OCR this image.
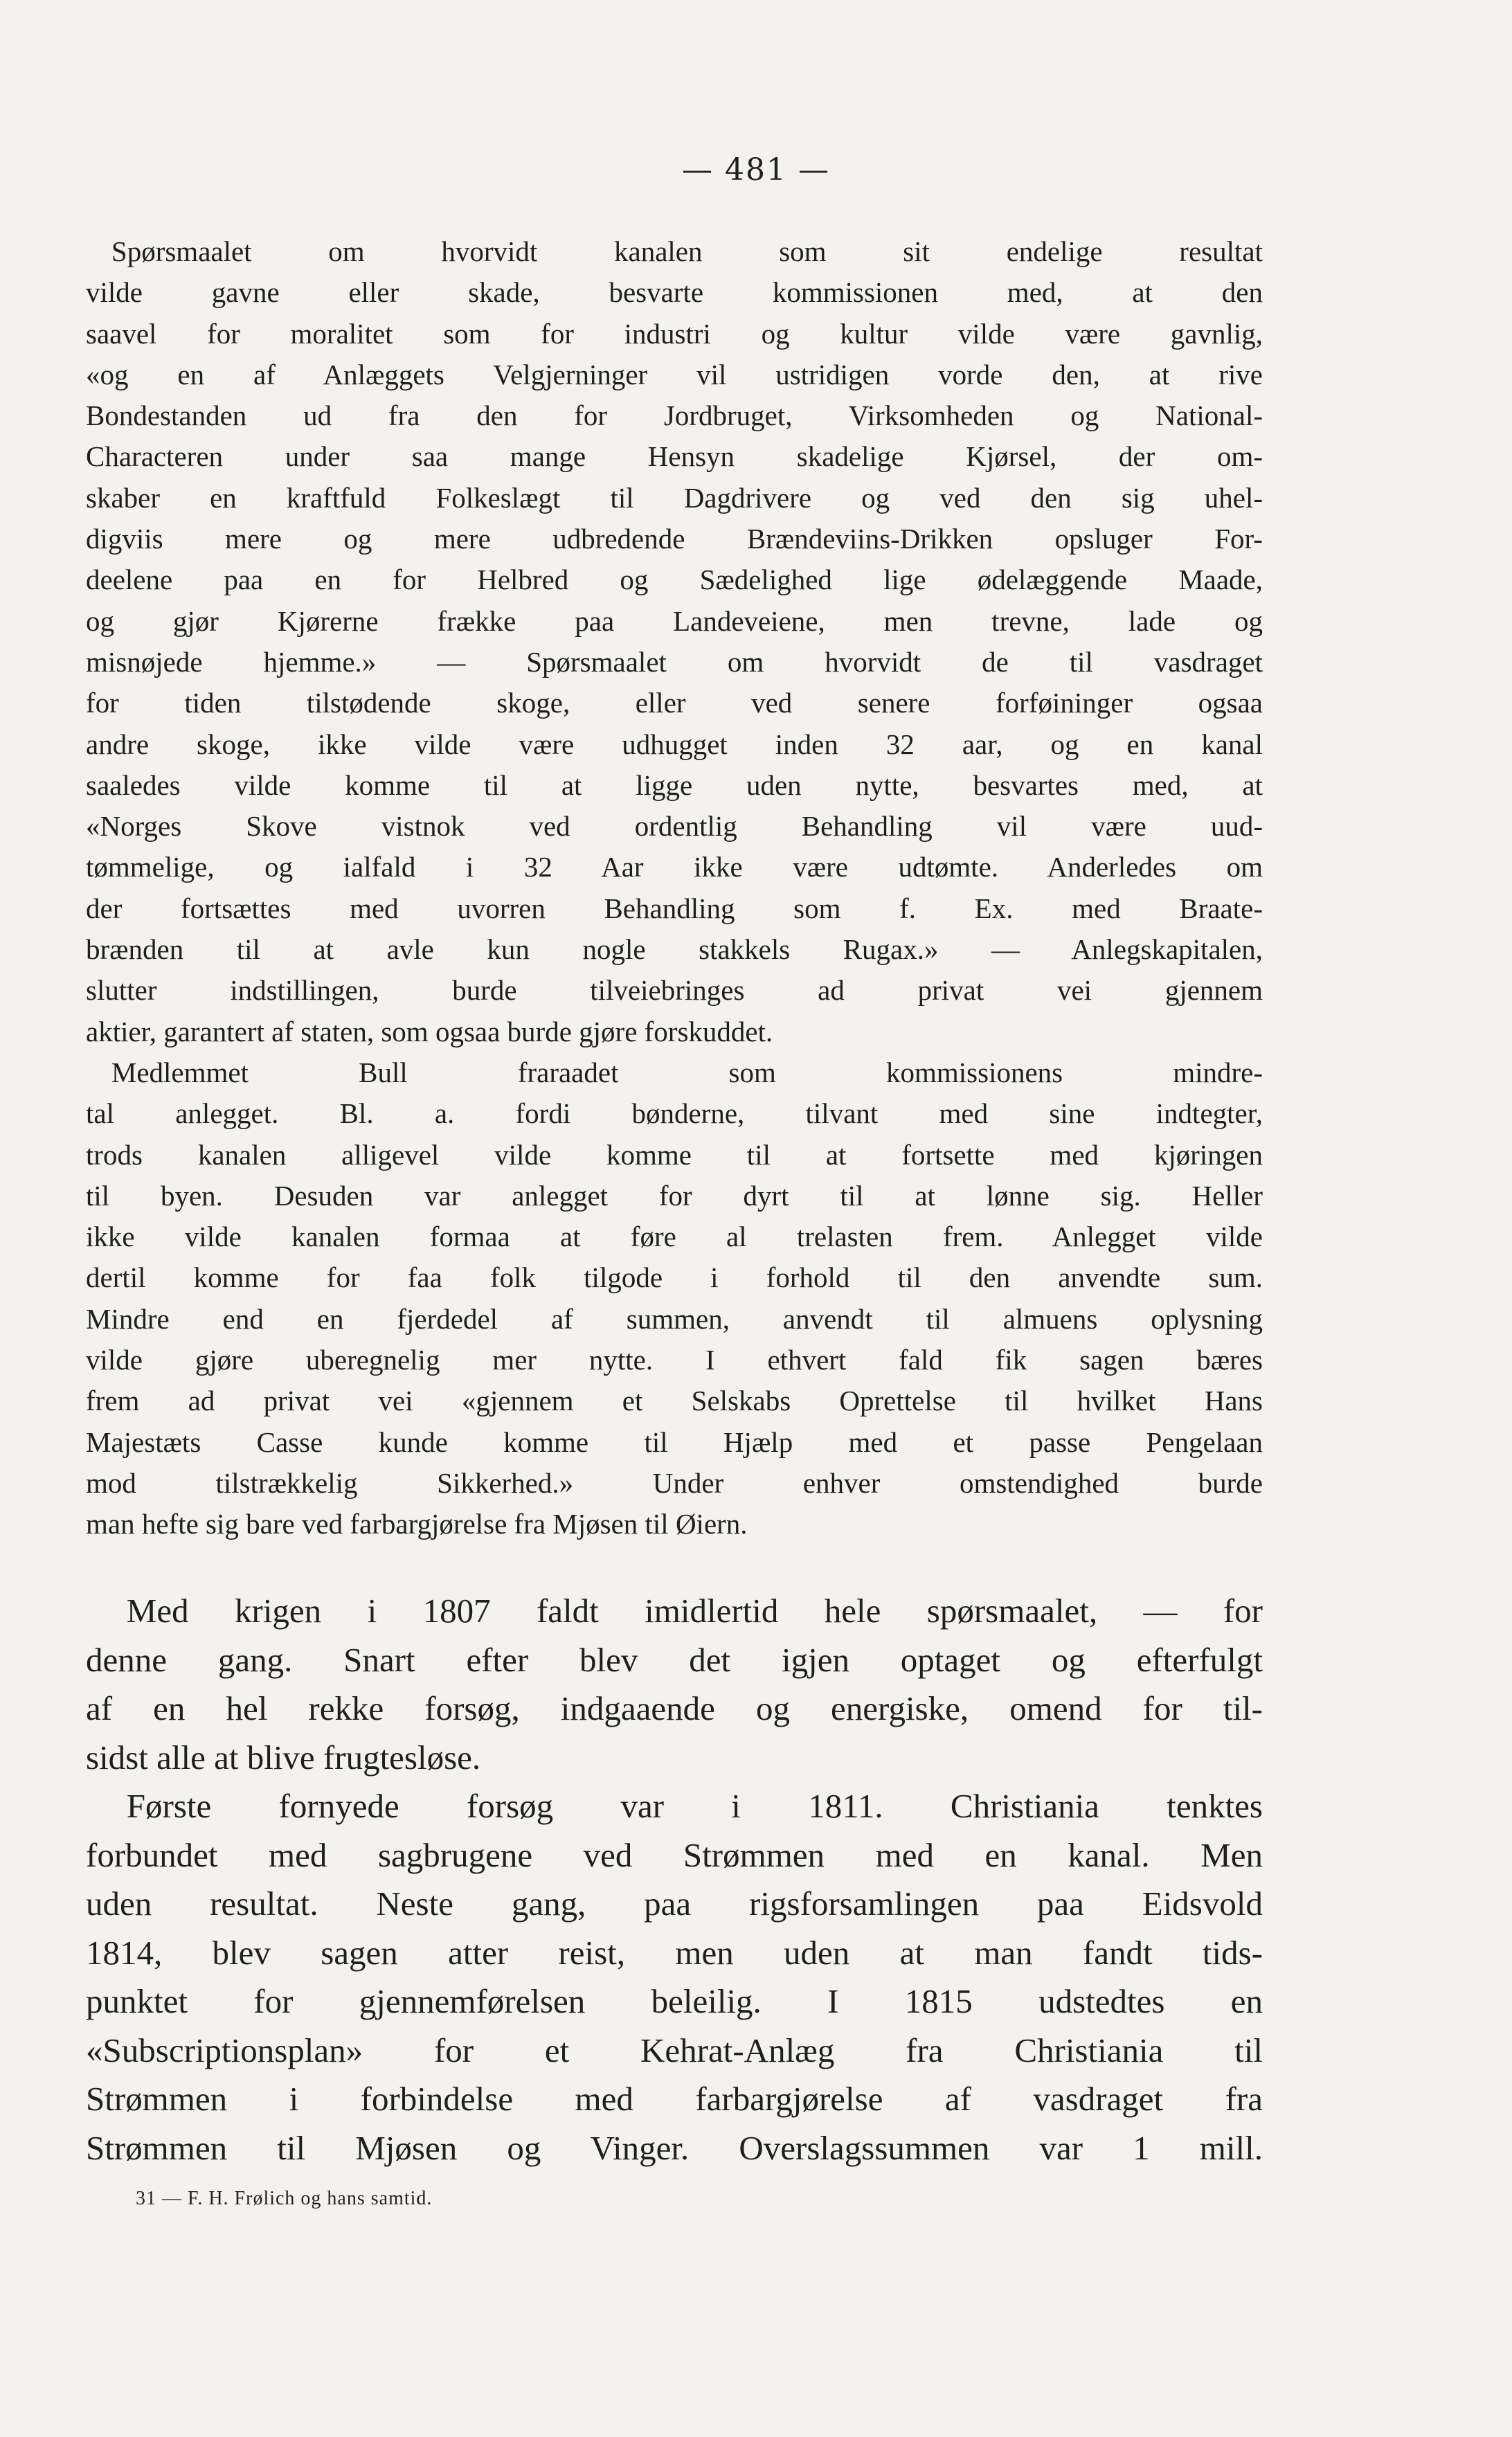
— 481 —
Spørsmaalet om hvorvidt kanalen som sit endelige resultat
vilde gavne eller skade, besvarte kommissionen med, at den
saavel for moralitet som for industri og kultur vilde være gavnlig,
«og en af Anlæggets Velgjerninger vil ustridigen vorde den, at rive
Bondestanden ud fra den for Jordbruget, Virksomheden og National-
Characteren under saa mange Hensyn skadelige Kjørsel, der om-
skaber en kraftfuld Folkeslægt til Dagdrivere og ved den sig uhel-
digviis mere og mere udbredende Brændeviins-Drikken opsluger For-
deelene paa en for Helbred og Sædelighed lige ødelæggende Maade,
og gjør Kjørerne frække paa Landeveiene, men trevne, lade og
misnøjede hjemme.» — Spørsmaalet om hvorvidt de til vasdraget
for tiden tilstødende skoge, eller ved senere forføininger ogsaa
andre skoge, ikke vilde være udhugget inden 32 aar, og en kanal
saaledes vilde komme til at ligge uden nytte, besvartes med, at
«Norges Skove vistnok ved ordentlig Behandling vil være uud-
tømmelige, og ialfald i 32 Aar ikke være udtømte. Anderledes om
der fortsættes med uvorren Behandling som f. Ex. med Braate-
brænden til at avle kun nogle stakkels Rugax.» — Anlegskapitalen,
slutter indstillingen, burde tilveiebringes ad privat vei gjennem
aktier, garantert af staten, som ogsaa burde gjøre forskuddet.
Medlemmet Bull fraraadet som kommissionens mindre-
tal anlegget. Bl. a. fordi bønderne, tilvant med sine indtegter,
trods kanalen alligevel vilde komme til at fortsette med kjøringen
til byen. Desuden var anlegget for dyrt til at lønne sig. Heller
ikke vilde kanalen formaa at føre al trelasten frem. Anlegget vilde
dertil komme for faa folk tilgode i forhold til den anvendte sum.
Mindre end en fjerdedel af summen, anvendt til almuens oplysning
vilde gjøre uberegnelig mer nytte. I ethvert fald fik sagen bæres
frem ad privat vei «gjennem et Selskabs Oprettelse til hvilket Hans
Majestæts Casse kunde komme til Hjælp med et passe Pengelaan
mod tilstrækkelig Sikkerhed.» Under enhver omstendighed burde
man hefte sig bare ved farbargjørelse fra Mjøsen til Øiern.
Med krigen i 1807 faldt imidlertid hele spørsmaalet, — for
denne gang. Snart efter blev det igjen optaget og efterfulgt
af en hel rekke forsøg, indgaaende og energiske, omend for til-
sidst alle at blive frugtesløse.
Første fornyede forsøg var i 1811. Christiania tenktes
forbundet med sagbrugene ved Strømmen med en kanal. Men
uden resultat. Neste gang, paa rigsforsamlingen paa Eidsvold
1814, blev sagen atter reist, men uden at man fandt tids-
punktet for gjennemførelsen beleilig. I 1815 udstedtes en
«Subscriptionsplan» for et Kehrat-Anlæg fra Christiania til
Strømmen i forbindelse med farbargjørelse af vasdraget fra
Strømmen til Mjøsen og Vinger. Overslagssummen var 1 mill.
31 — F. H. Frølich og hans samtid.
